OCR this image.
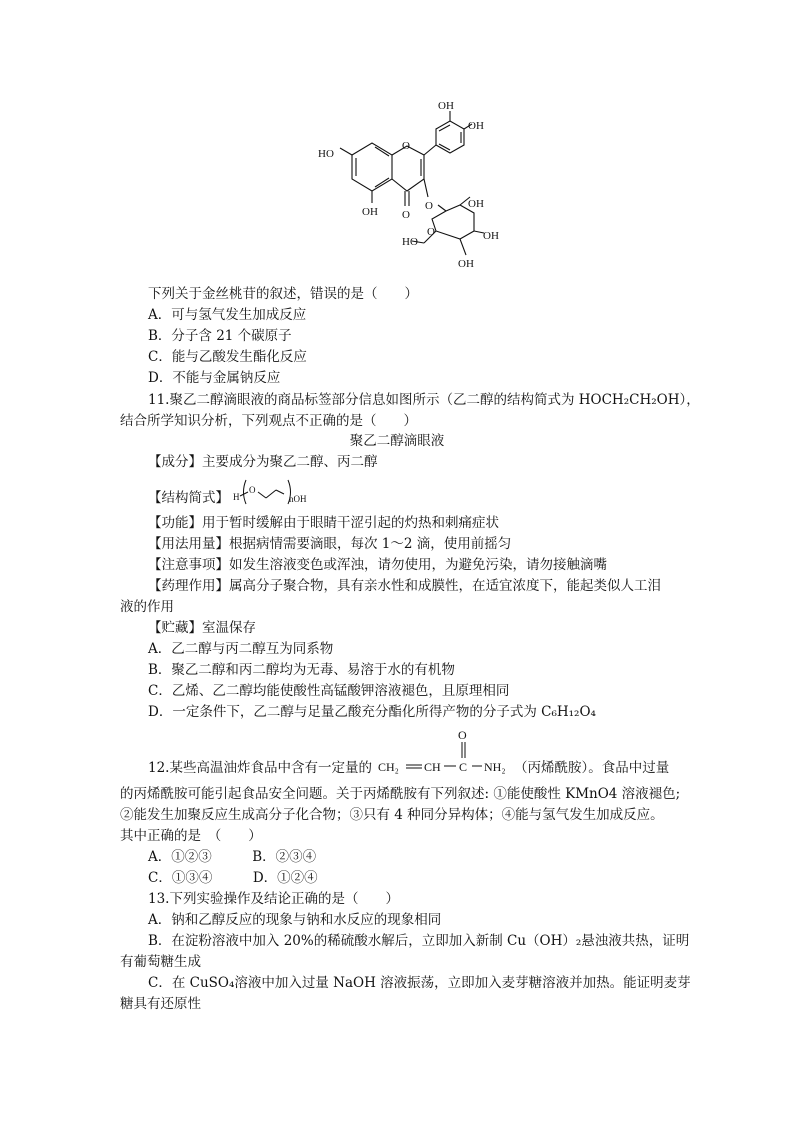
OH
OH
HO
O
OH O
O	OH
OH
OH
HO
O
下列关于金丝桃苷的叙述，错误的是（　　）
A．可与氢气发生加成反应
B．分子含 21 个碳原子
C．能与乙酸发生酯化反应
D．不能与金属钠反应
11.聚乙二醇滴眼液的商品标签部分信息如图所示（乙二醇的结构简式为 HOCH₂CH₂OH），
结合所学知识分析，下列观点不正确的是（　　）
聚乙二醇滴眼液
【成分】主要成分为聚乙二醇、丙二醇
【结构简式】 H
O
nOH
【功能】用于暂时缓解由于眼睛干涩引起的灼热和刺痛症状
【用法用量】根据病情需要滴眼，每次 1～2 滴，使用前摇匀
【注意事项】如发生溶液变色或浑浊，请勿使用，为避免污染，请勿接触滴嘴
【药理作用】属高分子聚合物，具有亲水性和成膜性，在适宜浓度下，能起类似人工泪
液的作用
【贮藏】室温保存
A．乙二醇与丙二醇互为同系物
B．聚乙二醇和丙二醇均为无毒、易溶于水的有机物
C．乙烯、乙二醇均能使酸性高锰酸钾溶液褪色，且原理相同
D．一定条件下，乙二醇与足量乙酸充分酯化所得产物的分子式为 C₆H₁₂O₄
12.某些高温油炸食品中含有一定量的 CH₂ CH C
O
NH₂ （丙烯酰胺）。食品中过量
的丙烯酰胺可能引起食品安全问题。关于丙烯酰胺有下列叙述: ①能使酸性 KMnO4 溶液褪色;
②能发生加聚反应生成高分子化合物；③只有 4 种同分异构体；④能与氢气发生加成反应。
其中正确的是　（　　）
A．①②③　　　B．②③④
C．①③④　　　D．①②④
13.下列实验操作及结论正确的是（　　）
A．钠和乙醇反应的现象与钠和水反应的现象相同
B．在淀粉溶液中加入 20%的稀硫酸水解后，立即加入新制 Cu（OH）₂悬浊液共热，证明
有葡萄糖生成
C．在 CuSO₄溶液中加入过量 NaOH 溶液振荡，立即加入麦芽糖溶液并加热。能证明麦芽
糖具有还原性
